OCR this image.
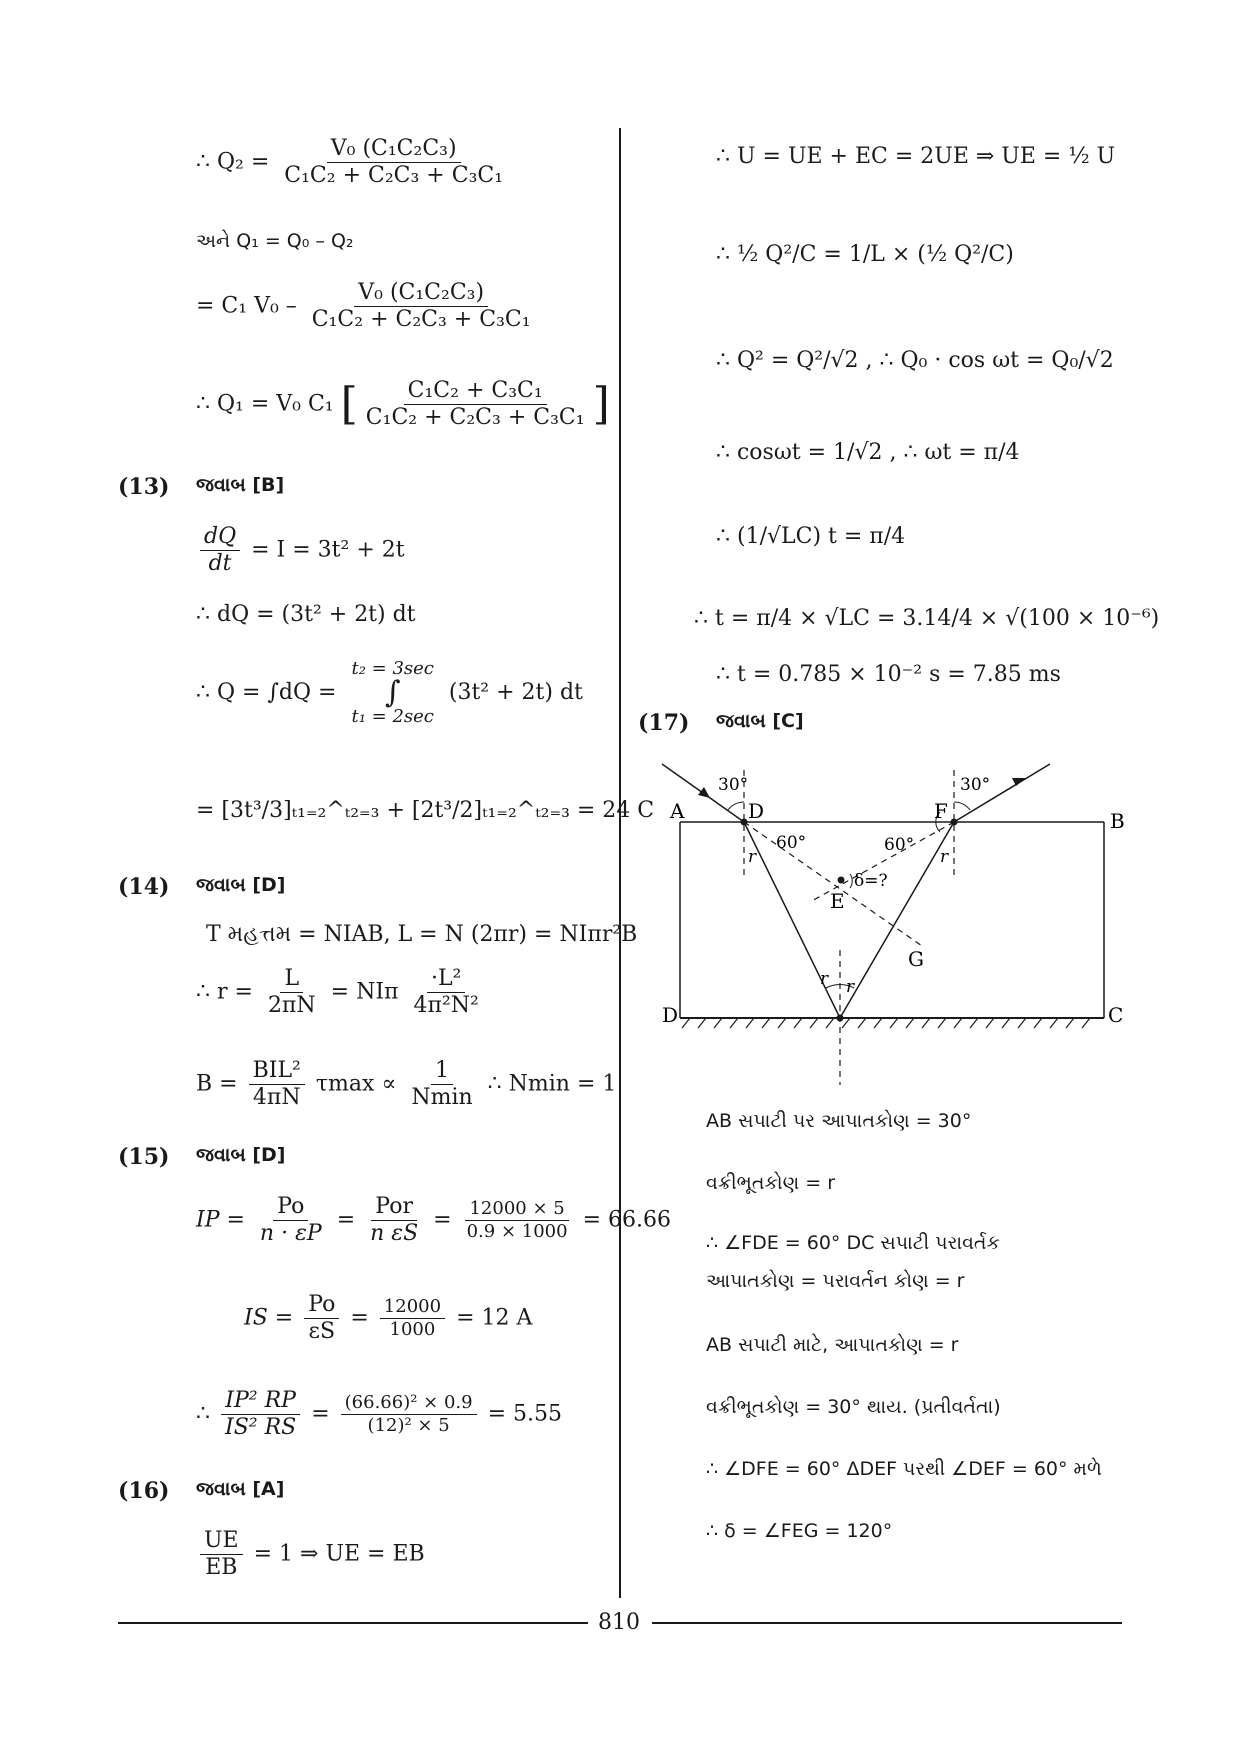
810
∴ $Q_2 = \frac{\text{V₀ (C₁C₂C₃)}}{\text{C₁C₂ + C₂C₃ + C₃C₁}}$
અને Q₁ = Q₀ – Q₂
= C₁ $V_0 - \frac{\text{V₀ (C₁C₂C₃)}}{\text{C₁C₂ + C₂C₃ + C₃C₁}}$
∴ Q₁ = V₀ C₁ [ $\frac{\text{C₁C₂ + C₃C₁}}{\text{C₁C₂ + C₂C₃ + C₃C₁}}$ ]
(13) જવાબ [B]
$\frac{dQ}{dt} = I = 3t^2 + 2t$
∴ dQ = (3t² + 2t) dt
∴ Q = ∫dQ =
t₂ = 3sec
∫
t₁ = 2sec
(3t² + 2t) dt
= [3t³/3]ₜ₁₌₂^ₜ₂₌₃ + [2t³/2]ₜ₁₌₂^ₜ₂₌₃ = 24 C
(14) જવાબ [D]
T મહત્તમ = NIAB, L = N (2πr) = NIπr²B
∴ $r = \frac{L}{2\pi N} = NI\pi \frac{\text{·L²}}{\text{4π²N²}}$
$B = \frac{\text{BIL²}}{4\pi N}$ $\tau\max \propto \frac{1}{Nmin}$ ∴ Nmin = 1
(15) જવાબ [D]
IP = $\frac{Po}{n \cdot \varepsilon P} = \frac{\text{Por}}{\text{n εS}} = \frac{12000 \times 5}{0.9 \times 1000} = 66.66$
IS = $\frac{Po}{\varepsilon S} = \frac{12000}{1000} = 12$ A
∴ $\frac{\text{IP² RP}}{\text{IS² RS}} = \frac{\text{(66.66)² × 0.9}}{\text{(12)² × 5}} = 5.55$
(16) જવાબ [A]
$\frac{UE}{EB} = 1$ ⇒ UE = EB
∴ U = UE + EC = 2UE ⇒ UE = ½ U
∴ ½ Q²/C = 1/L × (½ Q²/C)
∴ Q² = Q²/√2 , ∴ Q₀ · cos ωt = Q₀/√2
∴ cosωt = 1/√2 , ∴ ωt = π/4
∴ (1/√LC) t = π/4
∴ t = π/4 × √LC = 3.14/4 × √(100 × 10⁻⁶)
∴ t = 0.785 × 10⁻² s = 7.85 ms
(17) જવાબ [C]
A	D	F	B
D	C
E
G
30°	30°
60°	60°
r	r
r r
δ=?
AB સપાટી પર આપાતકોણ = 30°
વક્રીભૂતકોણ = r
∴ ∠FDE = 60° DC સપાટી પરાવર્તક
આપાતકોણ = પરાવર્તન કોણ = r
AB સપાટી માટે, આપાતકોણ = r
વક્રીભૂતકોણ = 30° થાય. (પ્રતીવર્તતા)
∴ ∠DFE = 60° ΔDEF પરથી ∠DEF = 60° મળે
∴ δ = ∠FEG = 120°
